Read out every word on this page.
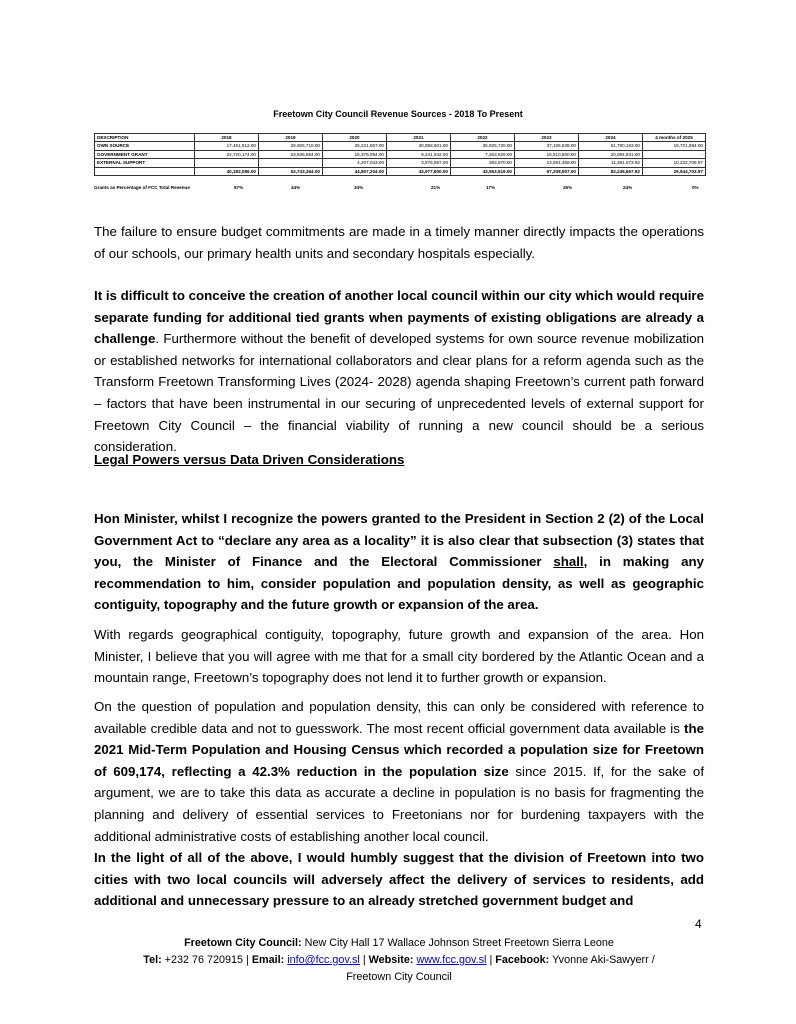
Freetown City Council Revenue Sources - 2018 To Present
DESCRIPTION	2018	2019	2020	2021	2022	2023	2024	4 months of 2025
OWN SOURCE	17,461,912.00	29,906,710.00	25,221,067.00	30,858,901.00	35,925,720.00	37,106,639.00	51,780,163.00	19,721,994.00
GOVERNMENT GRANT	22,720,174.00	23,836,654.00	15,379,094.00	9,241,842.00	7,263,829.00	16,510,500.00	20,084,931.00	-
EXTERNAL SUPPORT			4,207,043.00	3,876,857.00	363,970.00	13,591,368.00	11,381,573.92	10,222,709.97
	40,182,086.00	53,743,364.00	44,807,204.00	43,977,600.00	43,553,519.00	67,208,507.00	83,246,667.92	29,944,703.97
Grants as Percentage of FCC Total Revenue	57%	44%	34%	21%	17%	25%	24%	0%

The failure to ensure budget commitments are made in a timely manner directly impacts the operations of our schools, our primary health units and secondary hospitals especially.

It is difficult to conceive the creation of another local council within our city which would require separate funding for additional tied grants when payments of existing obligations are already a challenge. Furthermore without the benefit of developed systems for own source revenue mobilization or established networks for international collaborators and clear plans for a reform agenda such as the Transform Freetown Transforming Lives (2024- 2028) agenda shaping Freetown’s current path forward – factors that have been instrumental in our securing of unprecedented levels of external support for Freetown City Council – the financial viability of running a new council should be a serious consideration.

Legal Powers versus Data Driven Considerations

Hon Minister, whilst I recognize the powers granted to the President in Section 2 (2) of the Local Government Act to “declare any area as a locality” it is also clear that subsection (3) states that you, the Minister of Finance and the Electoral Commissioner shall, in making any recommendation to him, consider population and population density, as well as geographic contiguity, topography and the future growth or expansion of the area.

With regards geographical contiguity, topography, future growth and expansion of the area. Hon Minister, I believe that you will agree with me that for a small city bordered by the Atlantic Ocean and a mountain range, Freetown’s topography does not lend it to further growth or expansion.

On the question of population and population density, this can only be considered with reference to available credible data and not to guesswork. The most recent official government data available is the 2021 Mid-Term Population and Housing Census which recorded a population size for Freetown of 609,174, reflecting a 42.3% reduction in the population size since 2015. If, for the sake of argument, we are to take this data as accurate a decline in population is no basis for fragmenting the planning and delivery of essential services to Freetonians nor for burdening taxpayers with the additional administrative costs of establishing another local council.
In the light of all of the above, I would humbly suggest that the division of Freetown into two cities with two local councils will adversely affect the delivery of services to residents, add additional and unnecessary pressure to an already stretched government budget and

4
Freetown City Council: New City Hall 17 Wallace Johnson Street Freetown Sierra Leone
Tel: +232 76 720915 | Email: info@fcc.gov.sl | Website: www.fcc.gov.sl | Facebook: Yvonne Aki-Sawyerr /
Freetown City Council
